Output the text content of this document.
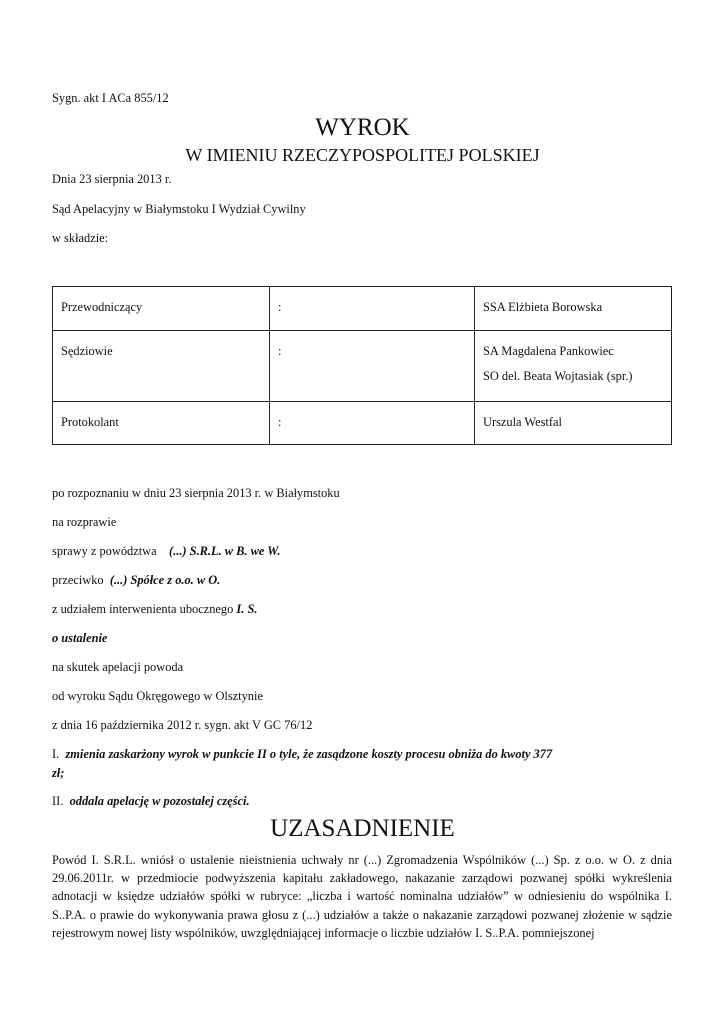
Sygn. akt I ACa 855/12
WYROK
W IMIENIU RZECZYPOSPOLITEJ POLSKIEJ
Dnia 23 sierpnia 2013 r.
Sąd Apelacyjny w Białymstoku I Wydział Cywilny
w składzie:
Przewodniczący	:	SSA Elżbieta Borowska

Sędziowie	:	SA Magdalena Pankowiec
SO del. Beata Wojtasiak (spr.)

Protokolant	:	Urszula Westfal
po rozpoznaniu w dniu 23 sierpnia 2013 r. w Białymstoku
na rozprawie
sprawy z powództwa (...) S.R.L. w B. we W.
przeciwko (...) Spółce z o.o. w O.
z udziałem interwenienta ubocznego I. S.
o ustalenie
na skutek apelacji powoda
od wyroku Sądu Okręgowego w Olsztynie
z dnia 16 października 2012 r. sygn. akt V GC 76/12
I. zmienia zaskarżony wyrok w punkcie II o tyle, że zasądzone koszty procesu obniża do kwoty 377
zł;
II. oddala apelację w pozostałej części.
UZASADNIENIE

Powód I. S.R.L. wniósł o ustalenie nieistnienia uchwały nr (...) Zgromadzenia Wspólników (...) Sp. z o.o. w O. z dnia 29.06.2011r. w przedmiocie podwyższenia kapitału zakładowego, nakazanie zarządowi pozwanej spółki wykreślenia adnotacji w księdze udziałów spółki w rubryce: „liczba i wartość nominalna udziałów” w odniesieniu do wspólnika I. S..P.A. o prawie do wykonywania prawa głosu z (...) udziałów a także o nakazanie zarządowi pozwanej złożenie w sądzie rejestrowym nowej listy wspólników, uwzględniającej informacje o liczbie udziałów I. S..P.A. pomniejszonej
